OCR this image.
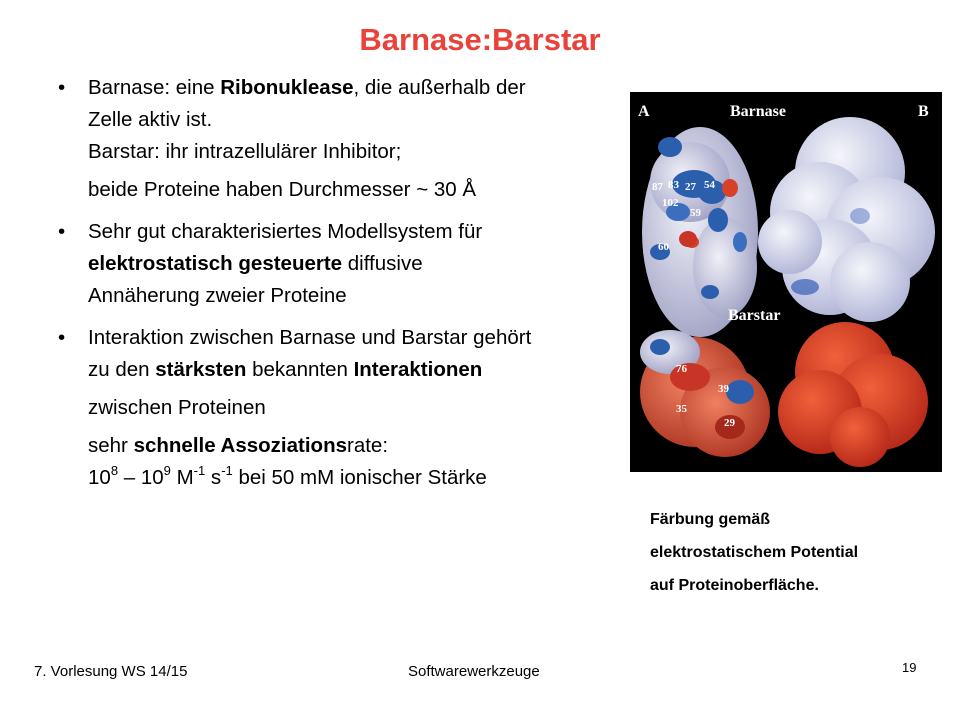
Barnase:Barstar
• Barnase: eine Ribonuklease, die außerhalb der
Zelle aktiv ist.
Barstar: ihr intrazellulärer Inhibitor;
beide Proteine haben Durchmesser ~ 30 Å
• Sehr gut charakterisiertes Modellsystem für
elektrostatisch gesteuerte diffusive
Annäherung zweier Proteine
• Interaktion zwischen Barnase und Barstar gehört
zu den stärksten bekannten Interaktionen
zwischen Proteinen
sehr schnelle Assoziationsrate:
$10^8 - 10^9$ $M^{-1}$ $s^{-1}$ bei 50 mM ionischer Stärke
A	B
Barnase
Barstar
87 83 27 54
102
59
60
76
39
35
29
Färbung gemäß
elektrostatischem Potential
auf Proteinoberfläche.
7. Vorlesung WS 14/15	Softwarewerkzeuge	19
